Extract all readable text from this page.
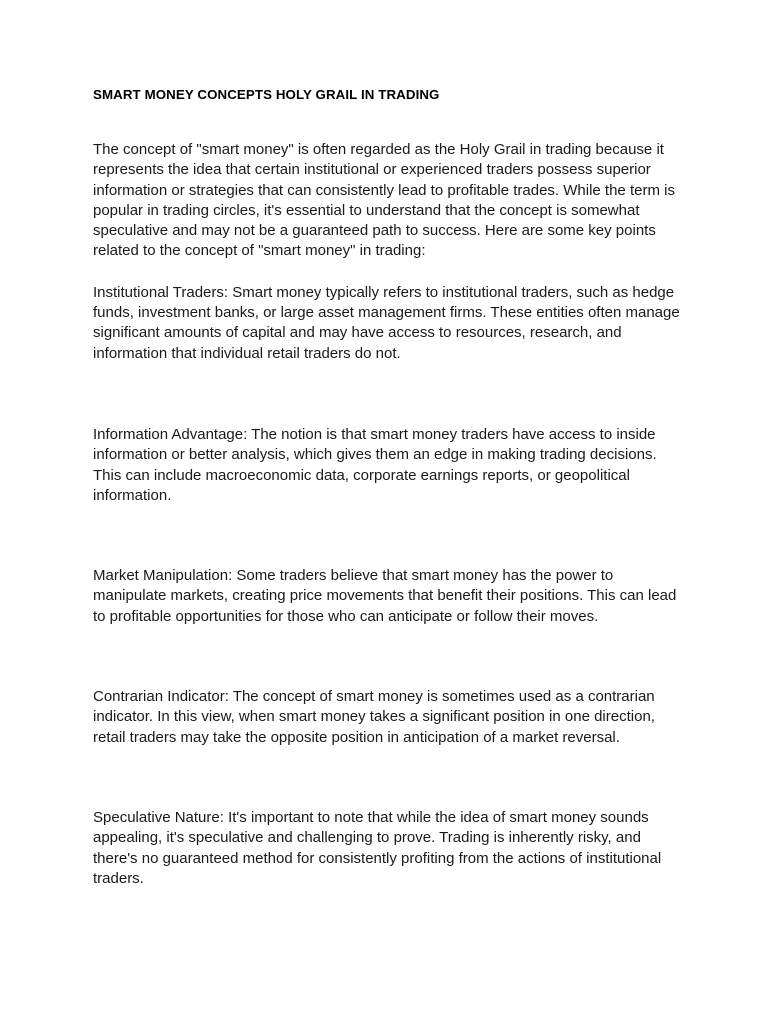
SMART MONEY CONCEPTS HOLY GRAIL IN TRADING

The concept of "smart money" is often regarded as the Holy Grail in trading because it represents the idea that certain institutional or experienced traders possess superior information or strategies that can consistently lead to profitable trades. While the term is popular in trading circles, it's essential to understand that the concept is somewhat speculative and may not be a guaranteed path to success. Here are some key points related to the concept of "smart money" in trading:

Institutional Traders: Smart money typically refers to institutional traders, such as hedge funds, investment banks, or large asset management firms. These entities often manage significant amounts of capital and may have access to resources, research, and information that individual retail traders do not.

Information Advantage: The notion is that smart money traders have access to inside information or better analysis, which gives them an edge in making trading decisions. This can include macroeconomic data, corporate earnings reports, or geopolitical information.

Market Manipulation: Some traders believe that smart money has the power to manipulate markets, creating price movements that benefit their positions. This can lead to profitable opportunities for those who can anticipate or follow their moves.

Contrarian Indicator: The concept of smart money is sometimes used as a contrarian indicator. In this view, when smart money takes a significant position in one direction, retail traders may take the opposite position in anticipation of a market reversal.

Speculative Nature: It's important to note that while the idea of smart money sounds appealing, it's speculative and challenging to prove. Trading is inherently risky, and there's no guaranteed method for consistently profiting from the actions of institutional traders.
